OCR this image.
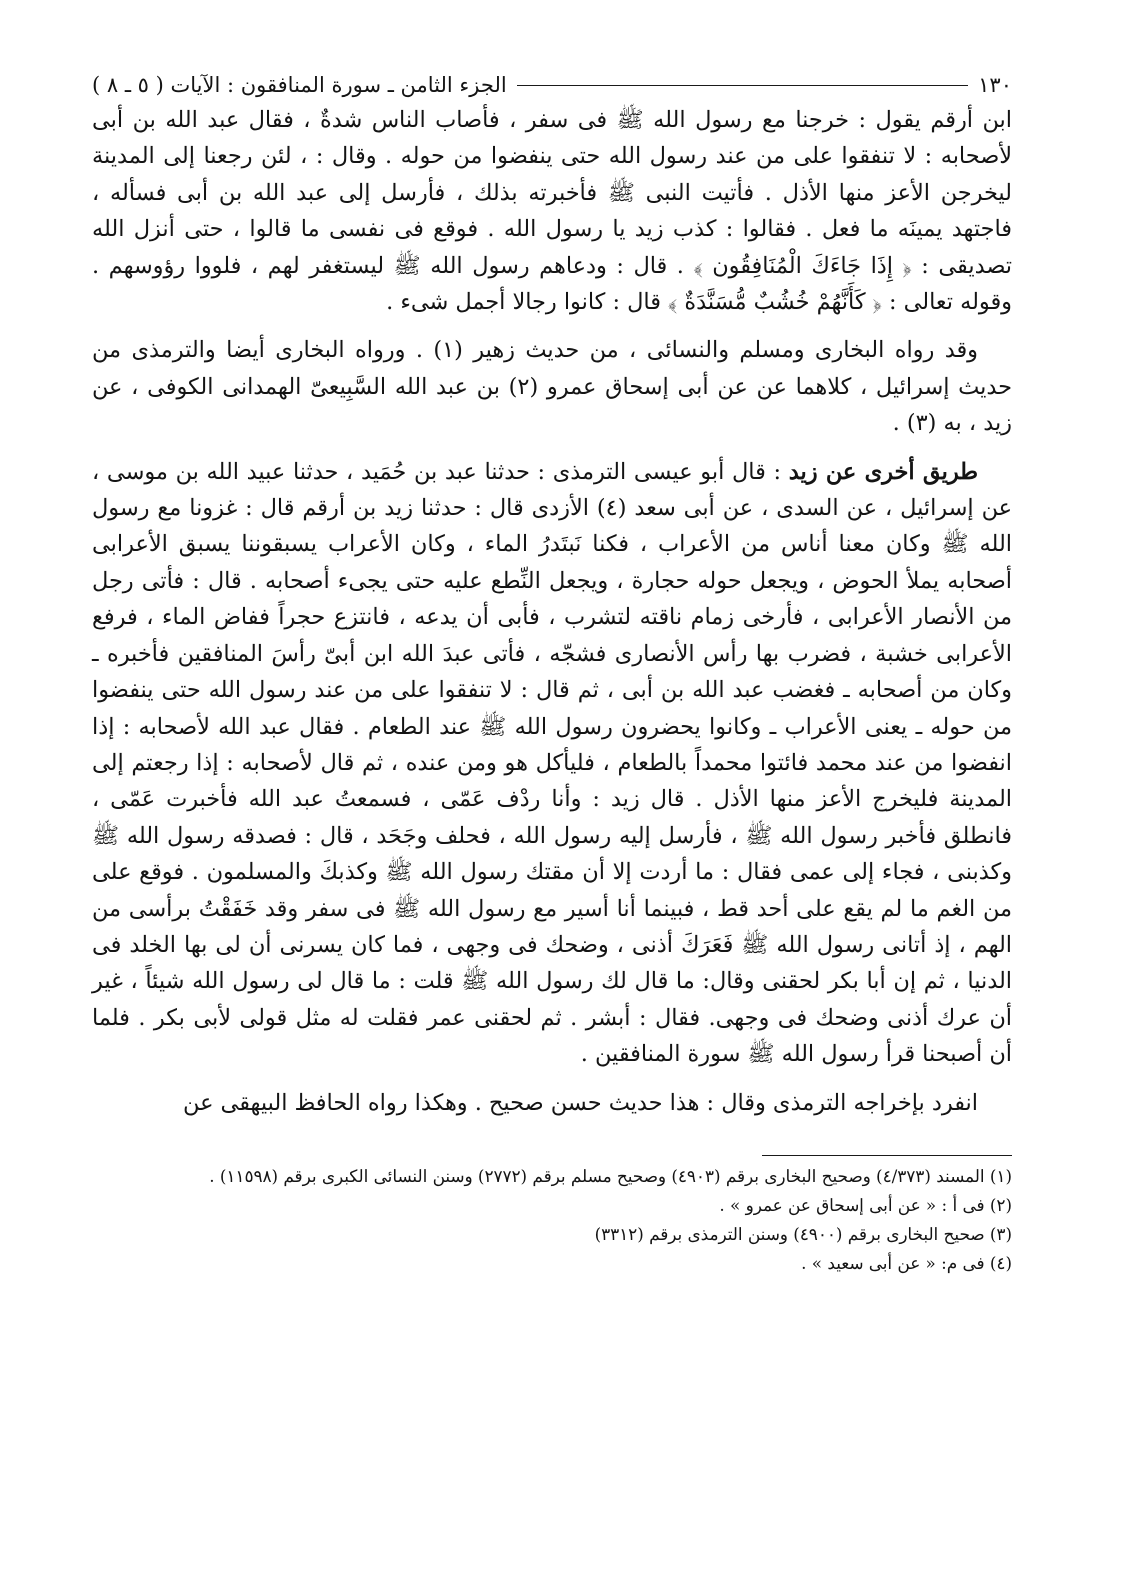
١٣٠
الجزء الثامن ـ سورة المنافقون : الآيات ( ٥ ـ ٨ )

ابن أرقم يقول : خرجنا مع رسول الله ﷺ فى سفر ، فأصاب الناس شدةٌ ، فقال عبد الله بن أبى لأصحابه : لا تنفقوا على من عند رسول الله حتى ينفضوا من حوله . وقال : ، لئن رجعنا إلى المدينة ليخرجن الأعز منها الأذل . فأتيت النبى ﷺ فأخبرته بذلك ، فأرسل إلى عبد الله بن أبى فسأله ، فاجتهد يمينَه ما فعل . فقالوا : كذب زيد يا رسول الله . فوقع فى نفسى ما قالوا ، حتى أنزل الله تصديقى : ﴿ إِذَا جَاءَكَ الْمُنَافِقُون ﴾ . قال : ودعاهم رسول الله ﷺ ليستغفر لهم ، فلووا رؤوسهم . وقوله تعالى : ﴿ كَأَنَّهُمْ خُشُبٌ مُّسَنَّدَةٌ ﴾ قال : كانوا رجالا أجمل شىء .

وقد رواه البخارى ومسلم والنسائى ، من حديث زهير (١) . ورواه البخارى أيضا والترمذى من حديث إسرائيل ، كلاهما عن عن أبى إسحاق عمرو (٢) بن عبد الله السَّبِيعىّ الهمدانى الكوفى ، عن زيد ، به (٣) .

طريق أخرى عن زيد : قال أبو عيسى الترمذى : حدثنا عبد بن حُمَيد ، حدثنا عبيد الله بن موسى ، عن إسرائيل ، عن السدى ، عن أبى سعد (٤) الأزدى قال : حدثنا زيد بن أرقم قال : غزونا مع رسول الله ﷺ وكان معنا أناس من الأعراب ، فكنا نَبتَدرُ الماء ، وكان الأعراب يسبقوننا يسبق الأعرابى أصحابه يملأ الحوض ، ويجعل حوله حجارة ، ويجعل النِّطع عليه حتى يجىء أصحابه . قال : فأتى رجل من الأنصار الأعرابى ، فأرخى زمام ناقته لتشرب ، فأبى أن يدعه ، فانتزع حجراً ففاض الماء ، فرفع الأعرابى خشبة ، فضرب بها رأس الأنصارى فشجّه ، فأتى عبدَ الله ابن أبىّ رأسَ المنافقين فأخبره ـ وكان من أصحابه ـ فغضب عبد الله بن أبى ، ثم قال : لا تنفقوا على من عند رسول الله حتى ينفضوا من حوله ـ يعنى الأعراب ـ وكانوا يحضرون رسول الله ﷺ عند الطعام . فقال عبد الله لأصحابه : إذا انفضوا من عند محمد فائتوا محمداً بالطعام ، فليأكل هو ومن عنده ، ثم قال لأصحابه : إذا رجعتم إلى المدينة فليخرج الأعز منها الأذل . قال زيد : وأنا ردْف عَمّى ، فسمعتُ عبد الله فأخبرت عَمّى ، فانطلق فأخبر رسول الله ﷺ ، فأرسل إليه رسول الله ، فحلف وجَحَد ، قال : فصدقه رسول الله ﷺ وكذبنى ، فجاء إلى عمى فقال : ما أردت إلا أن مقتك رسول الله ﷺ وكذبكَ والمسلمون . فوقع على من الغم ما لم يقع على أحد قط ، فبينما أنا أسير مع رسول الله ﷺ فى سفر وقد خَفَقْتُ برأسى من الهم ، إذ أتانى رسول الله ﷺ فَعَرَكَ أذنى ، وضحك فى وجهى ، فما كان يسرنى أن لى بها الخلد فى الدنيا ، ثم إن أبا بكر لحقنى وقال: ما قال لك رسول الله ﷺ قلت : ما قال لى رسول الله شيئاً ، غير أن عرك أذنى وضحك فى وجهى. فقال : أبشر . ثم لحقنى عمر فقلت له مثل قولى لأبى بكر . فلما أن أصبحنا قرأ رسول الله ﷺ سورة المنافقين .

انفرد بإخراجه الترمذى وقال : هذا حديث حسن صحيح . وهكذا رواه الحافظ البيهقى عن

(١) المسند (٤/٣٧٣) وصحيح البخارى برقم (٤٩٠٣) وصحيح مسلم برقم (٢٧٧٢) وسنن النسائى الكبرى برقم (١١٥٩٨) .

(٢) فى أ : « عن أبى إسحاق عن عمرو » .

(٣) صحيح البخارى برقم (٤٩٠٠) وسنن الترمذى برقم (٣٣١٢)

(٤) فى م: « عن أبى سعيد » .
